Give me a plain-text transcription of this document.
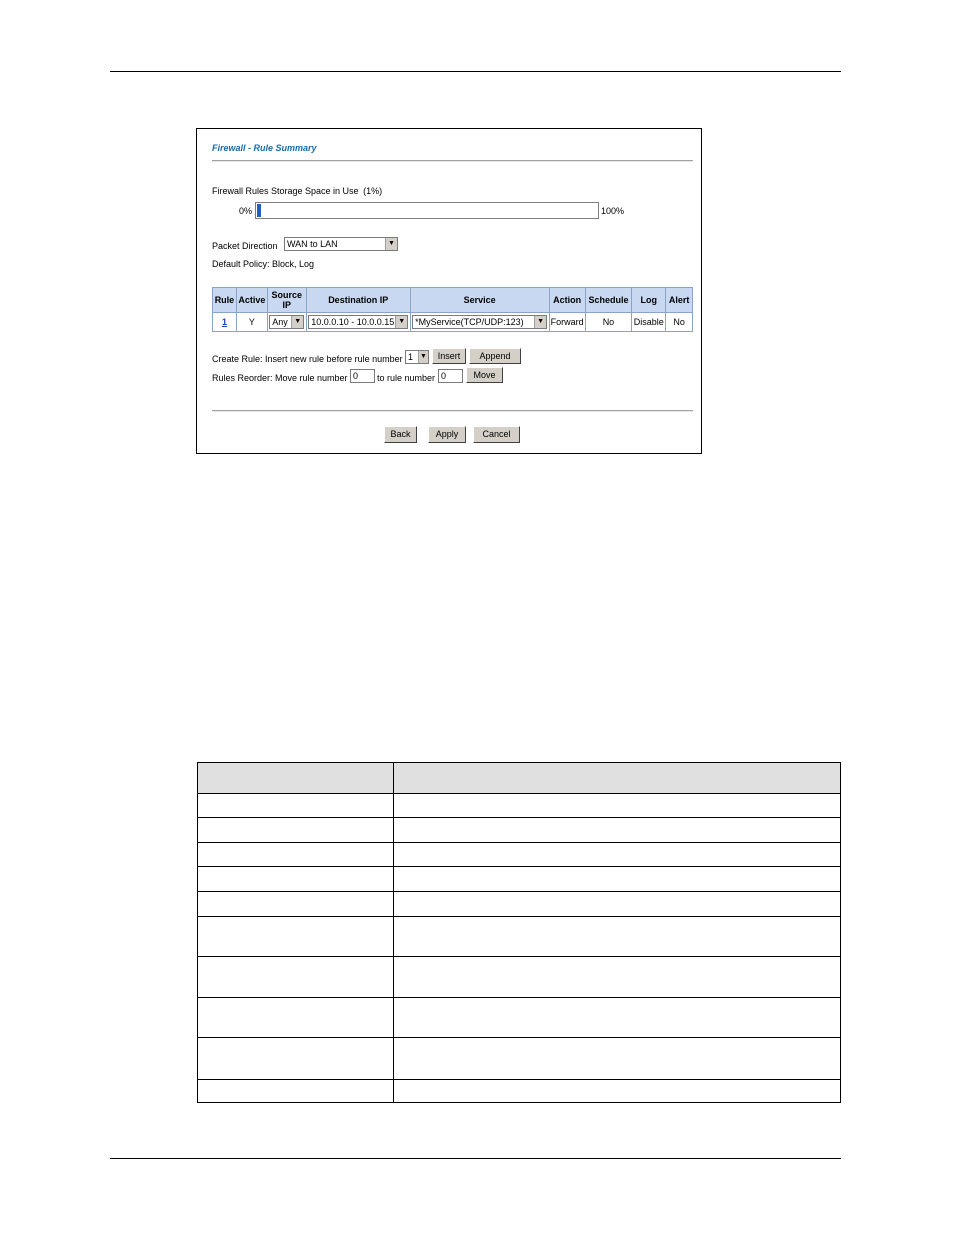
Firewall - Rule Summary
Firewall Rules Storage Space in Use (1%)
0%	100%
Packet Direction	WAN to LAN	▼
Default Policy: Block, Log
Rule	Active	Source IP	Destination IP	Service	Action	Schedule	Log	Alert
1	Y	Any ▼	10.0.0.10 - 10.0.0.15 ▼	*MyService(TCP/UDP:123) ▼	Forward	No	Disable	No
Create Rule: Insert new rule before rule number 1 ▼	Insert	Append
Rules Reorder: Move rule number 0	to rule number 0	Move
Back	Apply	Cancel
